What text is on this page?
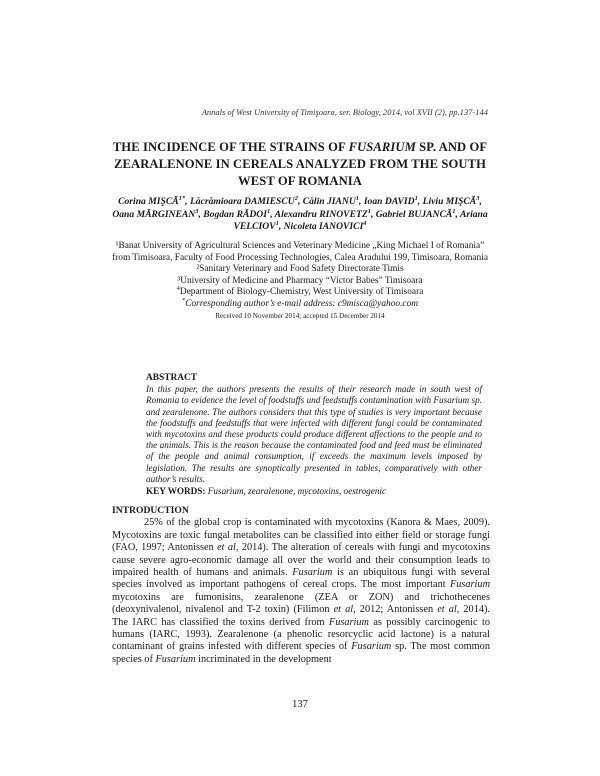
Annals of West University of Timişoara, ser. Biology, 2014, vol XVII (2), pp.137-144
THE INCIDENCE OF THE STRAINS OF FUSARIUM SP. AND OF ZEARALENONE IN CEREALS ANALYZED FROM THE SOUTH WEST OF ROMANIA
Corina $MIŞCĂ^{1*}$, Lăcrămioara DAMIESCU$^2$, Călin JIANU$^1$, Ioan DAVID$^1$, Liviu MIŞCĂ$^3$, Oana MĂRGINEAN$^3$, Bogdan RĂDOI$^1$, Alexandru RINOVETZ$^1$, Gabriel BUJANCĂ$^1$, Ariana VELCIOV$^1$, Nicoleta IANOVICI$^4$
¹Banat University of Agricultural Sciences and Veterinary Medicine „King Michael I of Romania” from Timisoara, Faculty of Food Processing Technologies, Calea Aradului 199, Timisoara, Romania
²Sanitary Veterinary and Food Safety Directorate Timis
³University of Medicine and Pharmacy “Victor Babes” Timisoara
$^4$Department of Biology-Chemistry, West University of Timisoara
*Corresponding author’s e-mail address: c9misca@yahoo.com
Received 10 November 2014; accepted 15 December 2014
ABSTRACT
In this paper, the authors presents the results of their research made in south west of Romania to evidence the level of foodstuffs and feedstuffs contamination with Fusarium sp. and zearalenone. The authors considers that this type of studies is very important because the foodstuffs and feedstuffs that were infected with different fungi could be contaminated with mycotoxins and these products could produce different affections to the people and to the animals. This is the reason because the contaminated food and feed must be eliminated of the people and animal consumption, if exceeds the maximum levels imposed by legislation. The results are synoptically presented in tables, comparatively with other author’s results.
KEY WORDS: Fusarium, zearalenone, mycotoxins, oestrogenic
INTRODUCTION
25% of the global crop is contaminated with mycotoxins (Kanora & Maes, 2009). Mycotoxins are toxic fungal metabolites can be classified into either field or storage fungi (FAO, 1997; Antonissen et al, 2014). The alteration of cereals with fungi and mycotoxins cause severe agro-economic damage all over the world and their consumption leads to impaired health of humans and animals. Fusarium is an ubiquitous fungi with several species involved as important pathogens of cereal crops. The most important Fusarium mycotoxins are fumonisins, zearalenone (ZEA or ZON) and trichothecenes (deoxynivalenol, nivalenol and T-2 toxin) (Filimon et al, 2012; Antonissen et al, 2014). The IARC has classified the toxins derived from Fusarium as possibly carcinogenic to humans (IARC, 1993). Zearalenone (a phenolic resorcyclic acid lactone) is a natural contaminant of grains infested with different species of Fusarium sp. The most common species of Fusarium incriminated in the development
137
